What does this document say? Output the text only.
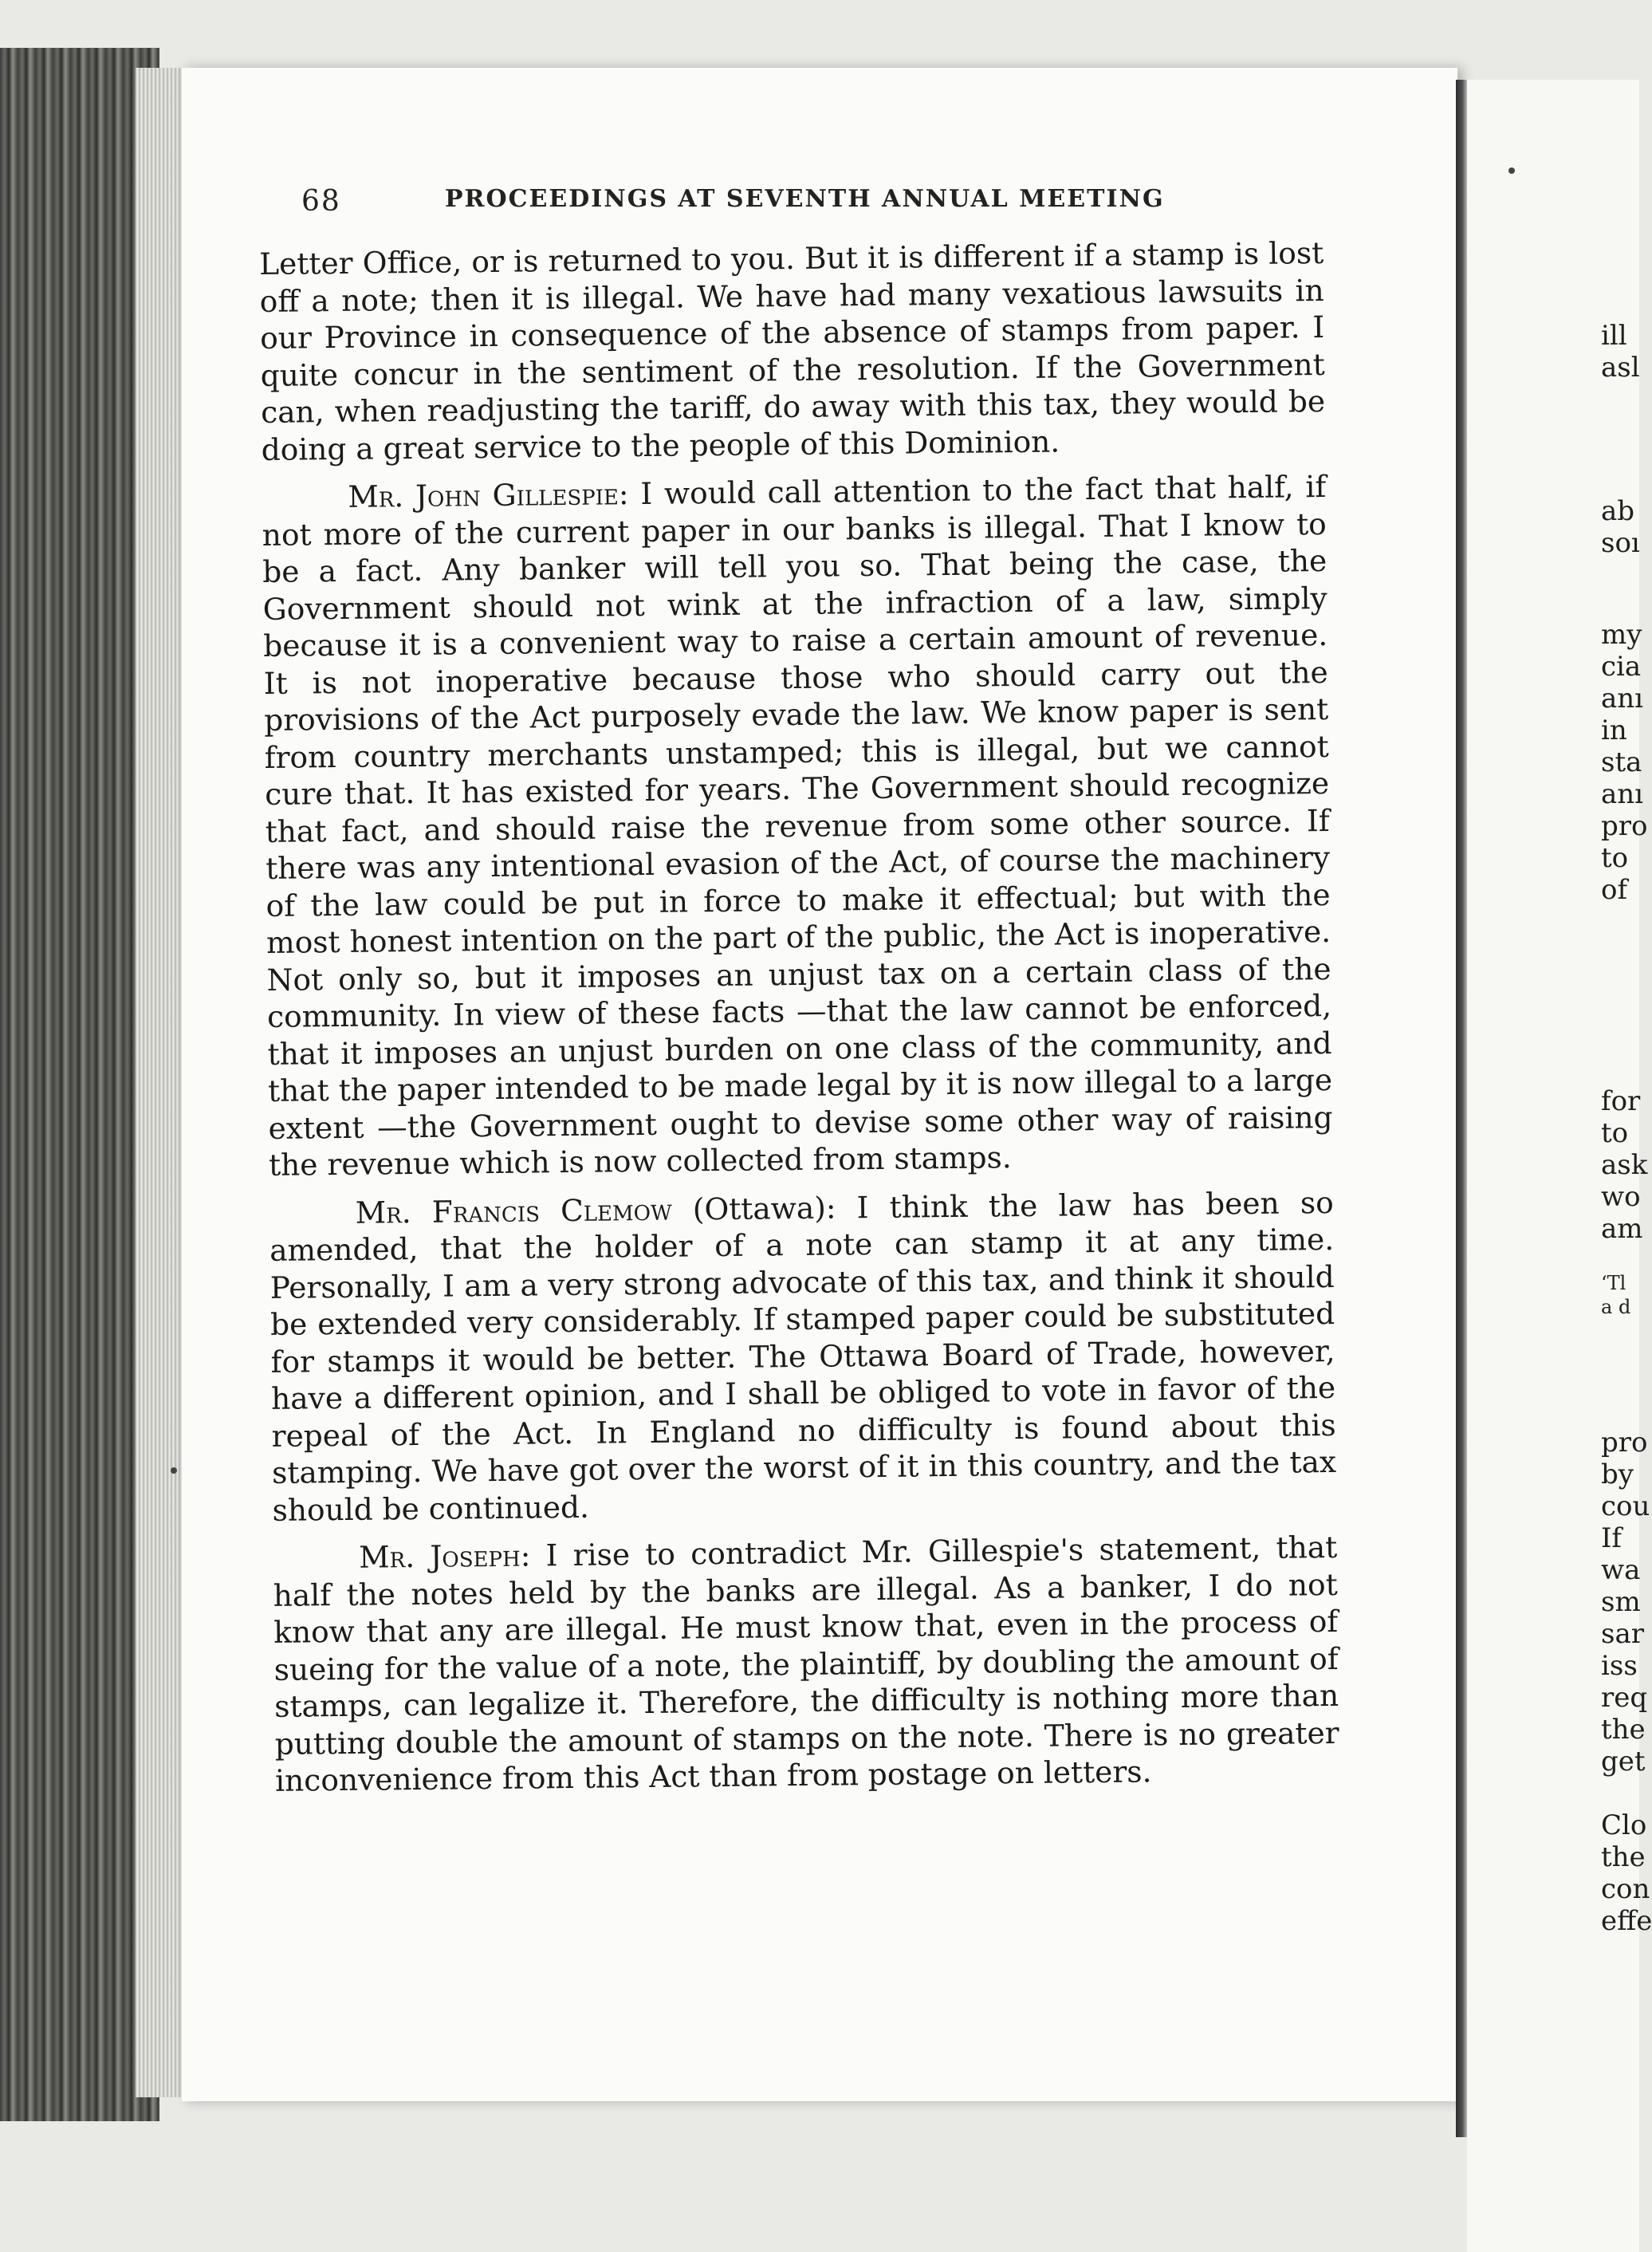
68	PROCEEDINGS AT SEVENTH ANNUAL MEETING

Letter Office, or is returned to you. But it is different if a stamp is lost off a note; then it is illegal. We have had many vexatious lawsuits in our Province in consequence of the absence of stamps from paper. I quite concur in the sentiment of the resolution. If the Government can, when readjusting the tariff, do away with this tax, they would be doing a great service to the people of this Dominion.

Mr. John Gillespie: I would call attention to the fact that half, if not more of the current paper in our banks is illegal. That I know to be a fact. Any banker will tell you so. That being the case, the Government should not wink at the infraction of a law, simply because it is a convenient way to raise a certain amount of revenue. It is not inoperative because those who should carry out the provisions of the Act purposely evade the law. We know paper is sent from country merchants unstamped; this is illegal, but we cannot cure that. It has existed for years. The Government should recognize that fact, and should raise the revenue from some other source. If there was any intentional evasion of the Act, of course the machinery of the law could be put in force to make it effectual; but with the most honest intention on the part of the public, the Act is inoperative. Not only so, but it imposes an unjust tax on a certain class of the community. In view of these facts —that the law cannot be enforced, that it imposes an unjust burden on one class of the community, and that the paper intended to be made legal by it is now illegal to a large extent —the Government ought to devise some other way of raising the revenue which is now collected from stamps.

Mr. Francis Clemow (Ottawa): I think the law has been so amended, that the holder of a note can stamp it at any time. Personally, I am a very strong advocate of this tax, and think it should be extended very considerably. If stamped paper could be substituted for stamps it would be better. The Ottawa Board of Trade, however, have a different opinion, and I shall be obliged to vote in favor of the repeal of the Act. In England no difficulty is found about this stamping. We have got over the worst of it in this country, and the tax should be continued.

Mr. Joseph: I rise to contradict Mr. Gillespie's statement, that half the notes held by the banks are illegal. As a banker, I do not know that any are illegal. He must know that, even in the process of sueing for the value of a note, the plaintiff, by doubling the amount of stamps, can legalize it. Therefore, the difficulty is nothing more than putting double the amount of stamps on the note. There is no greater inconvenience from this Act than from postage on letters.

ill
asl
ab
soı
my
cia
anı
in
sta
anı
pro
to
of
for
to
ask
wo
am
‘Tl
a d
pro
by
cou
If
wa
sm
sar
iss
req
the
get
Clo
the
con
effe
